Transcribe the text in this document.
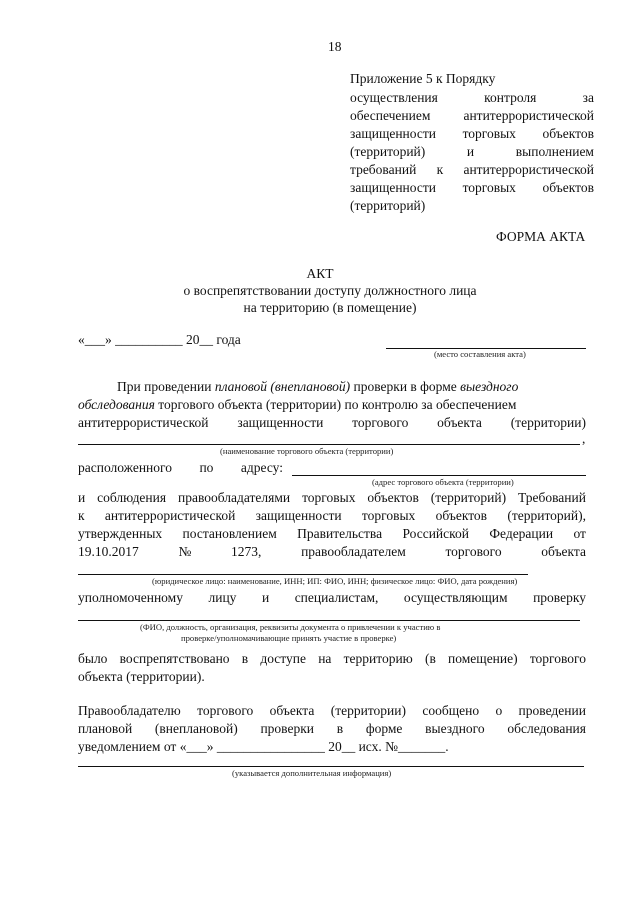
18
Приложение 5 к Порядку
осуществления	контроля	за
обеспечением антитеррористической
защищенности торговых объектов
(территорий)	и	выполнением
требований к антитеррористической
защищенности торговых объектов
(территорий)
ФОРМА АКТА
АКТ
о воспрепятствовании доступу должностного лица
на территорию (в помещение)
«___» __________ 20__ года
(место составления акта)
При проведении плановой (внеплановой) проверки в форме выездного
обследования торгового объекта (территории) по контролю за обеспечением
антитеррористической защищенности торгового объекта (территории)
,
(наименование торгового объекта (территории)
расположенного по адресу:
(адрес торгового объекта (территории)
и соблюдения правообладателями торговых объектов (территорий) Требований
к антитеррористической защищенности торговых объектов (территорий),
утвержденных постановлением Правительства Российской Федерации от
19.10.2017	№	1273,	правообладателем	торгового	объекта
(юридическое лицо: наименование, ИНН; ИП: ФИО, ИНН; физическое лицо: ФИО, дата рождения)
уполномоченному лицу и специалистам, осуществляющим проверку
(ФИО, должность, организация, реквизиты документа о привлечении к участию в
проверке/уполномачивающие принять участие в проверке)
было воспрепятствовано в доступе на территорию (в помещение) торгового
объекта (территории).
Правообладателю торгового объекта (территории) сообщено о проведении
плановой (внеплановой) проверки в форме выездного обследования
уведомлением от «___» ________________ 20__ исх. №_______.
(указывается дополнительная информация)
